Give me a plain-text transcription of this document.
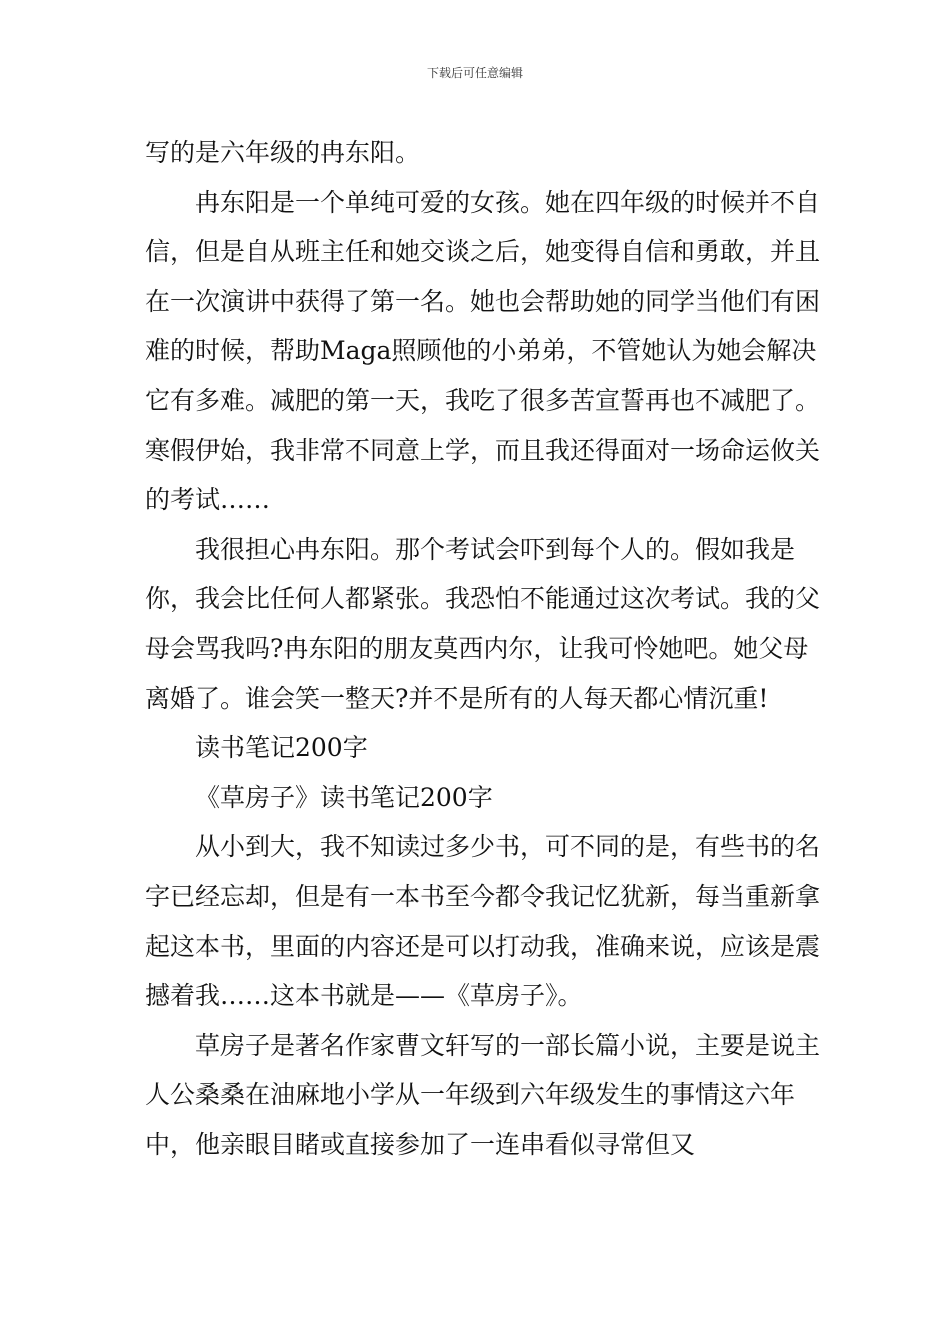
下载后可任意编辑

写的是六年级的冉东阳。

冉东阳是一个单纯可爱的女孩。她在四年级的时候并不自信，但是自从班主任和她交谈之后，她变得自信和勇敢，并且在一次演讲中获得了第一名。她也会帮助她的同学当他们有困难的时候，帮助Maga照顾他的小弟弟，不管她认为她会解决它有多难。减肥的第一天，我吃了很多苦宣誓再也不减肥了。寒假伊始，我非常不同意上学，而且我还得面对一场命运攸关的考试……

我很担心冉东阳。那个考试会吓到每个人的。假如我是你，我会比任何人都紧张。我恐怕不能通过这次考试。我的父母会骂我吗?冉东阳的朋友莫西内尔，让我可怜她吧。她父母离婚了。谁会笑一整天?并不是所有的人每天都心情沉重!

读书笔记200字

《草房子》读书笔记200字

从小到大，我不知读过多少书，可不同的是，有些书的名字已经忘却，但是有一本书至今都令我记忆犹新，每当重新拿起这本书，里面的内容还是可以打动我，准确来说，应该是震撼着我……这本书就是——《草房子》。

草房子是著名作家曹文轩写的一部长篇小说，主要是说主人公桑桑在油麻地小学从一年级到六年级发生的事情这六年中，他亲眼目睹或直接参加了一连串看似寻常但又
